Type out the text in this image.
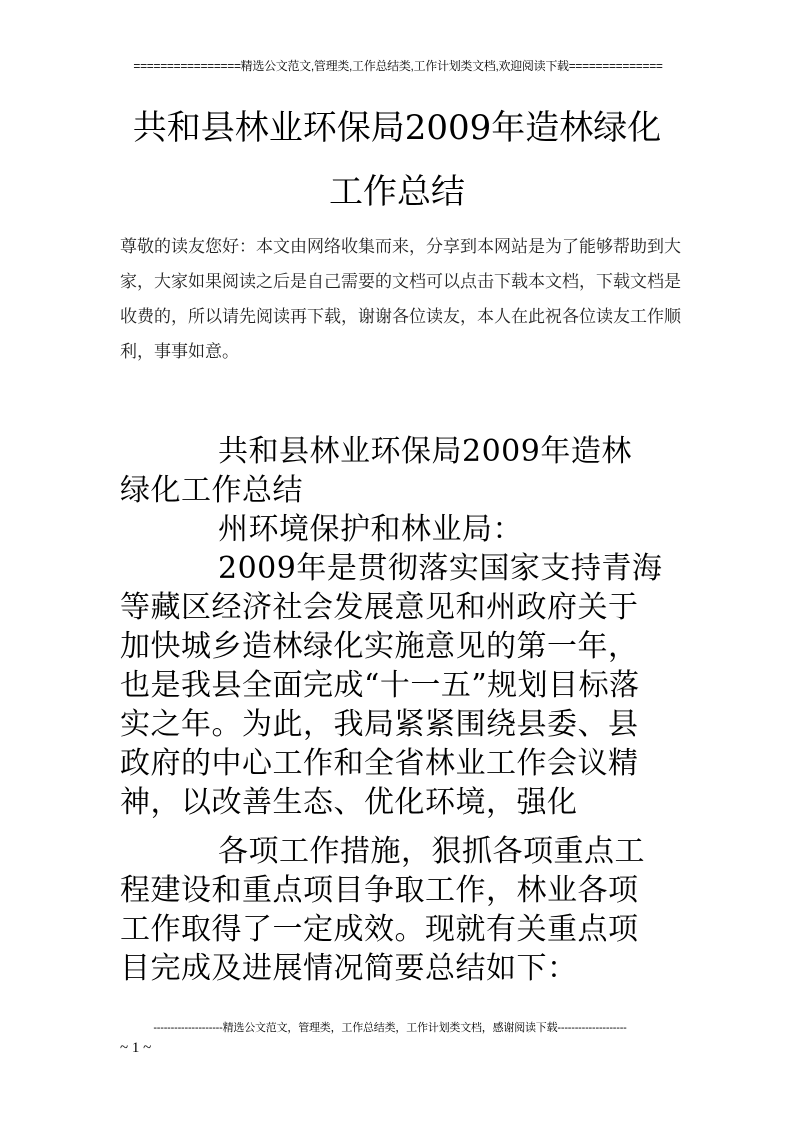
================精选公文范文,管理类,工作总结类,工作计划类文档,欢迎阅读下载==============
共和县林业环保局2009年造林绿化
工作总结
尊敬的读友您好：本文由网络收集而来，分享到本网站是为了能够帮助到大
家，大家如果阅读之后是自己需要的文档可以点击下载本文档，下载文档是
收费的，所以请先阅读再下载，谢谢各位读友，本人在此祝各位读友工作顺
利，事事如意。
共和县林业环保局2009年造林
绿化工作总结
州环境保护和林业局：
2009年是贯彻落实国家支持青海
等藏区经济社会发展意见和州政府关于
加快城乡造林绿化实施意见的第一年，
也是我县全面完成“十一五”规划目标落
实之年。为此，我局紧紧围绕县委、县
政府的中心工作和全省林业工作会议精
神，以改善生态、优化环境，强化
各项工作措施，狠抓各项重点工
程建设和重点项目争取工作，林业各项
工作取得了一定成效。现就有关重点项
目完成及进展情况简要总结如下：
--------------------精选公文范文，管理类，工作总结类，工作计划类文档，感谢阅读下载--------------------
~ 1 ~
